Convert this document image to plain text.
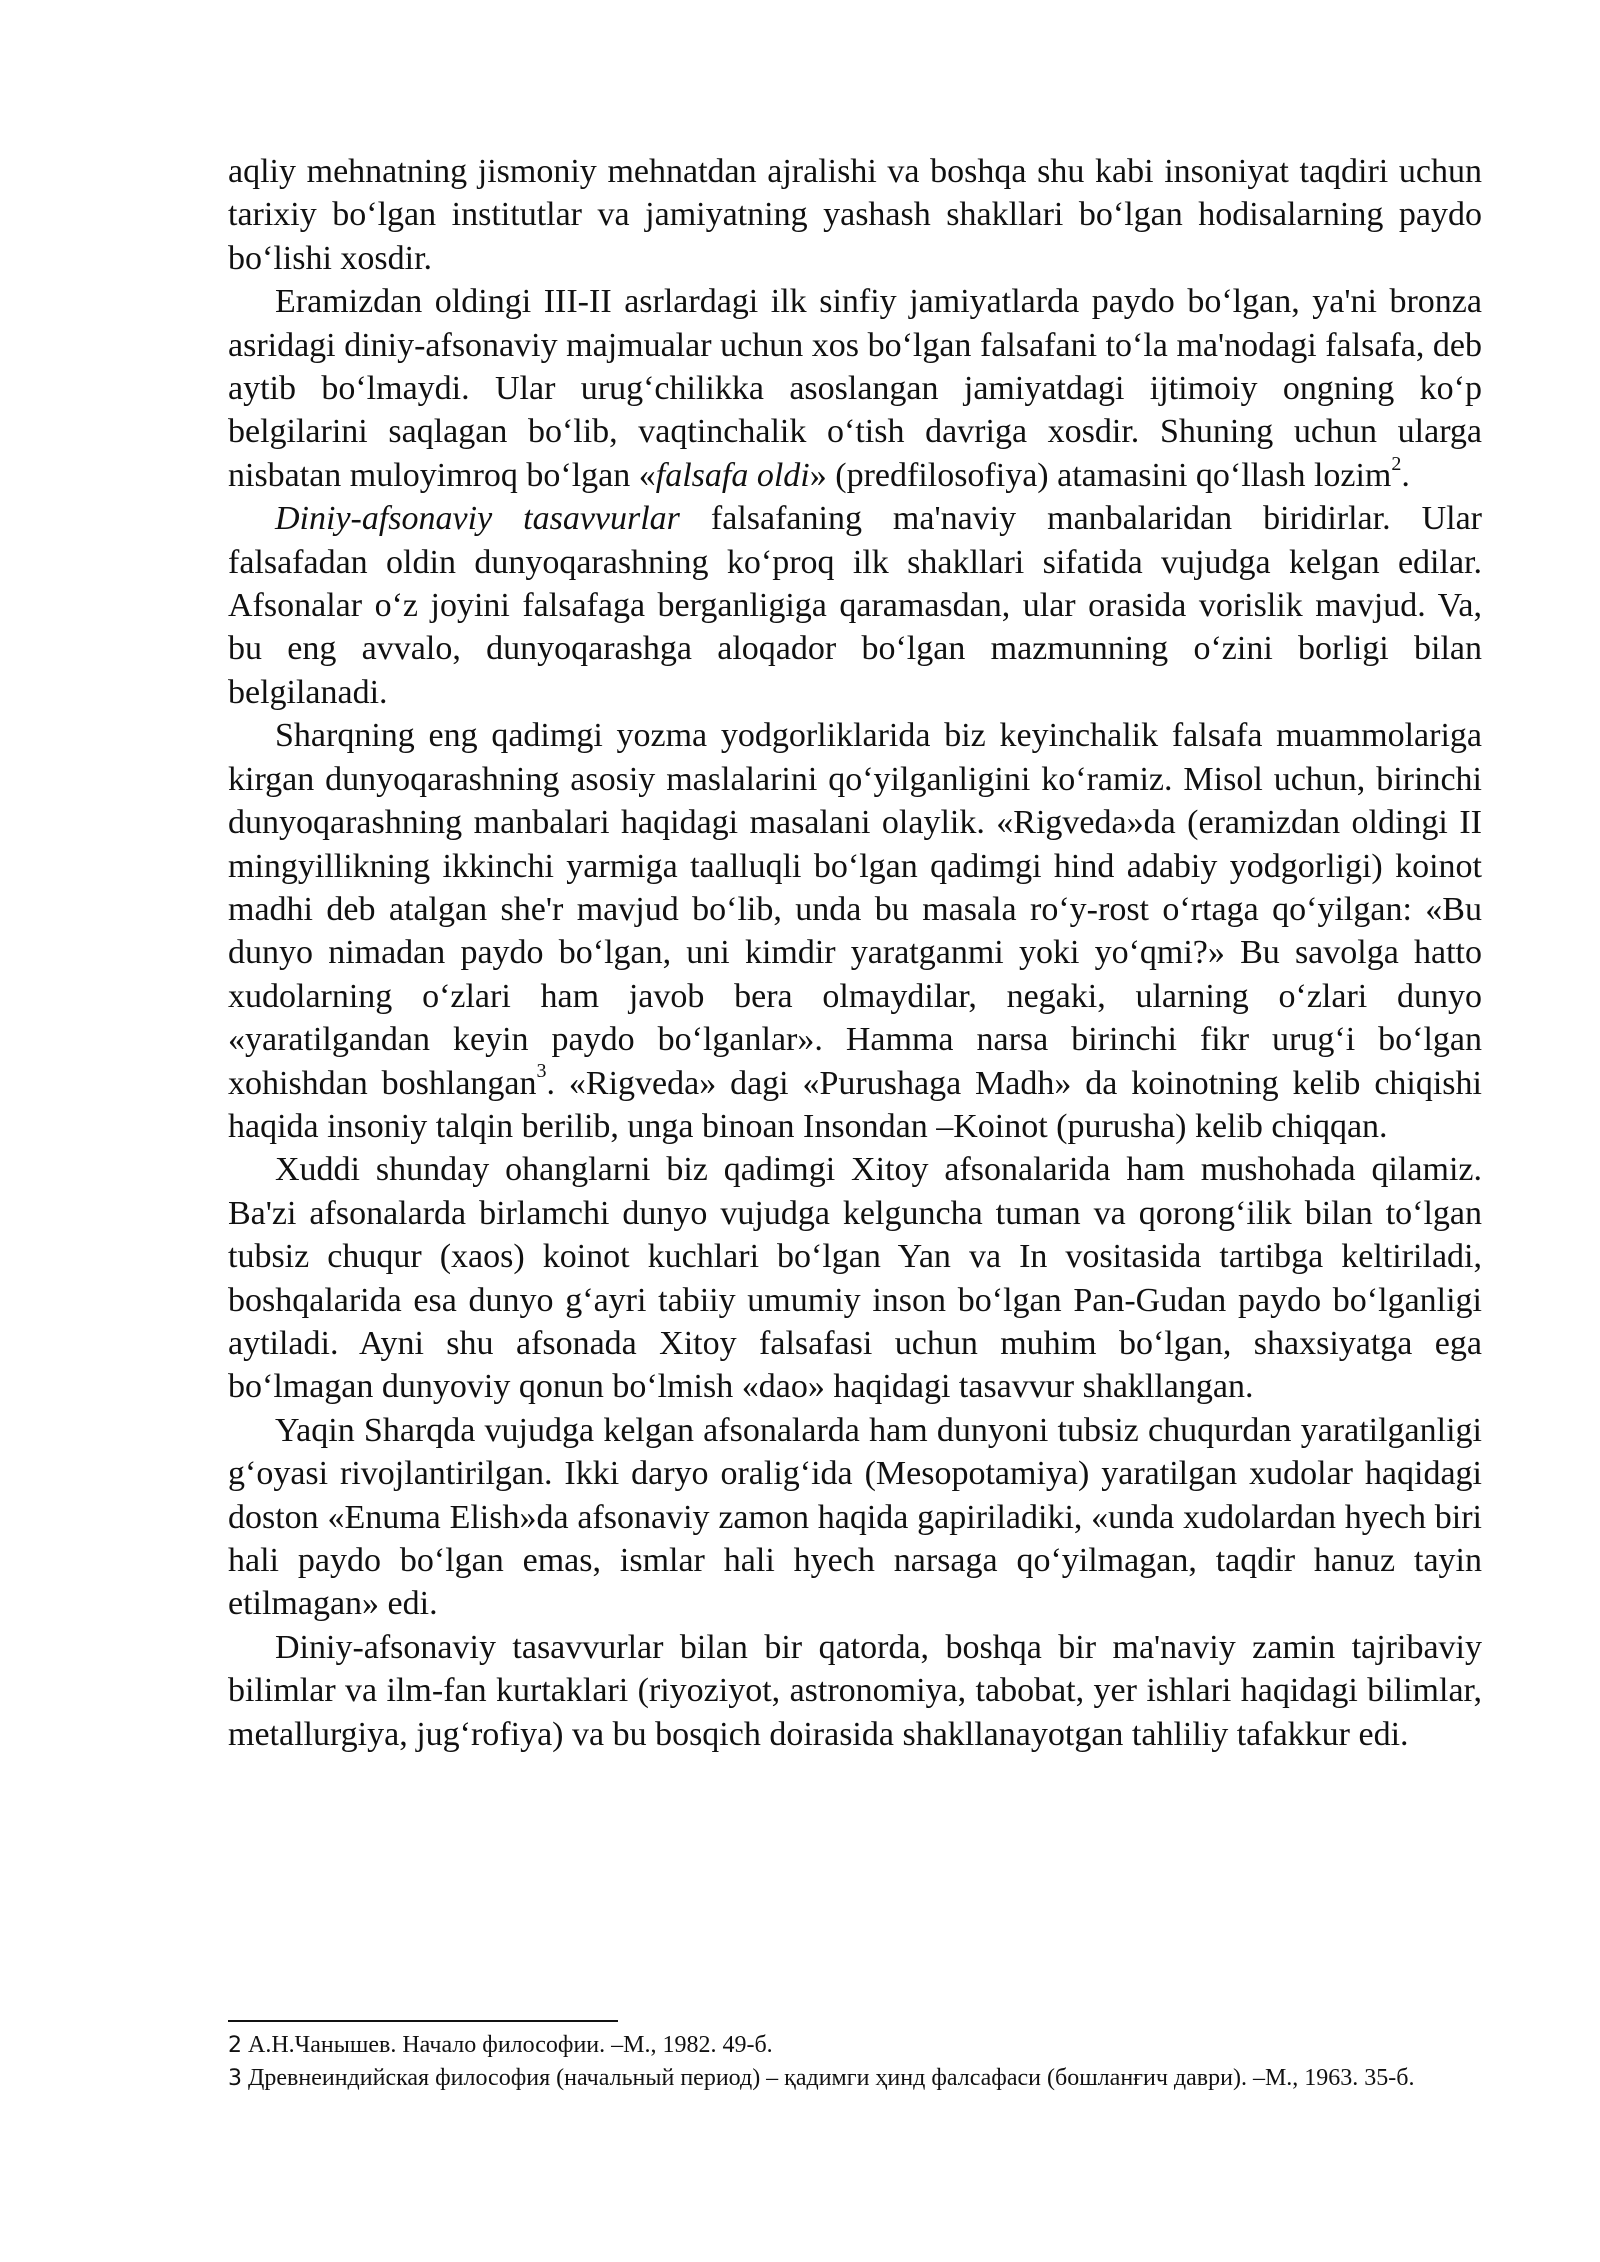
aqliy mehnatning jismoniy mehnatdan ajralishi va boshqa shu kabi insoniyat taqdiri uchun tarixiy bo‘lgan institutlar va jamiyatning yashash shakllari bo‘lgan hodisalarning paydo bo‘lishi xosdir.

Eramizdan oldingi III-II asrlardagi ilk sinfiy jamiyatlarda paydo bo‘lgan, ya'ni bronza asridagi diniy-afsonaviy majmualar uchun xos bo‘lgan falsafani to‘la ma'nodagi falsafa, deb aytib bo‘lmaydi. Ular urug‘chilikka asoslangan jamiyatdagi ijtimoiy ongning ko‘p belgilarini saqlagan bo‘lib, vaqtinchalik o‘tish davriga xosdir. Shuning uchun ularga nisbatan muloyimroq bo‘lgan «falsafa oldi» (predfilosofiya) atamasini qo‘llash lozim$^2$.

Diniy-afsonaviy tasavvurlar falsafaning ma'naviy manbalaridan biridirlar. Ular falsafadan oldin dunyoqarashning ko‘proq ilk shakllari sifatida vujudga kelgan edilar. Afsonalar o‘z joyini falsafaga berganligiga qaramasdan, ular orasida vorislik mavjud. Va, bu eng avvalo, dunyoqarashga aloqador bo‘lgan mazmunning o‘zini borligi bilan belgilanadi.

Sharqning eng qadimgi yozma yodgorliklarida biz keyinchalik falsafa muammolariga kirgan dunyoqarashning asosiy maslalarini qo‘yilganligini ko‘ramiz. Misol uchun, birinchi dunyoqarashning manbalari haqidagi masalani olaylik. «Rigveda»da (eramizdan oldingi II mingyillikning ikkinchi yarmiga taalluqli bo‘lgan qadimgi hind adabiy yodgorligi) koinot madhi deb atalgan she'r mavjud bo‘lib, unda bu masala ro‘y-rost o‘rtaga qo‘yilgan: «Bu dunyo nimadan paydo bo‘lgan, uni kimdir yaratganmi yoki yo‘qmi?» Bu savolga hatto xudolarning o‘zlari ham javob bera olmaydilar, negaki, ularning o‘zlari dunyo «yaratilgandan keyin paydo bo‘lganlar». Hamma narsa birinchi fikr urug‘i bo‘lgan xohishdan boshlangan$^3$. «Rigveda» dagi «Purushaga Madh» da koinotning kelib chiqishi haqida insoniy talqin berilib, unga binoan Insondan –Koinot (purusha) kelib chiqqan.

Xuddi shunday ohanglarni biz qadimgi Xitoy afsonalarida ham mushohada qilamiz. Ba'zi afsonalarda birlamchi dunyo vujudga kelguncha tuman va qorong‘ilik bilan to‘lgan tubsiz chuqur (xaos) koinot kuchlari bo‘lgan Yan va In vositasida tartibga keltiriladi, boshqalarida esa dunyo g‘ayri tabiiy umumiy inson bo‘lgan Pan-Gudan paydo bo‘lganligi aytiladi. Ayni shu afsonada Xitoy falsafasi uchun muhim bo‘lgan, shaxsiyatga ega bo‘lmagan dunyoviy qonun bo‘lmish «dao» haqidagi tasavvur shakllangan.

Yaqin Sharqda vujudga kelgan afsonalarda ham dunyoni tubsiz chuqurdan yaratilganligi g‘oyasi rivojlantirilgan. Ikki daryo oralig‘ida (Mesopotamiya) yaratilgan xudolar haqidagi doston «Enuma Elish»da afsonaviy zamon haqida gapiriladiki, «unda xudolardan hyech biri hali paydo bo‘lgan emas, ismlar hali hyech narsaga qo‘yilmagan, taqdir hanuz tayin etilmagan» edi.

Diniy-afsonaviy tasavvurlar bilan bir qatorda, boshqa bir ma'naviy zamin tajribaviy bilimlar va ilm-fan kurtaklari (riyoziyot, astronomiya, tabobat, yer ishlari haqidagi bilimlar, metallurgiya, jug‘rofiya) va bu bosqich doirasida shakllanayotgan tahliliy tafakkur edi.

2 А.Н.Чанышев. Начало философии. –М., 1982. 49-б.

3 Древнеиндийская философия (начальный период) – қадимги ҳинд фалсафаси (бошланғич даври). –М., 1963. 35-б.
